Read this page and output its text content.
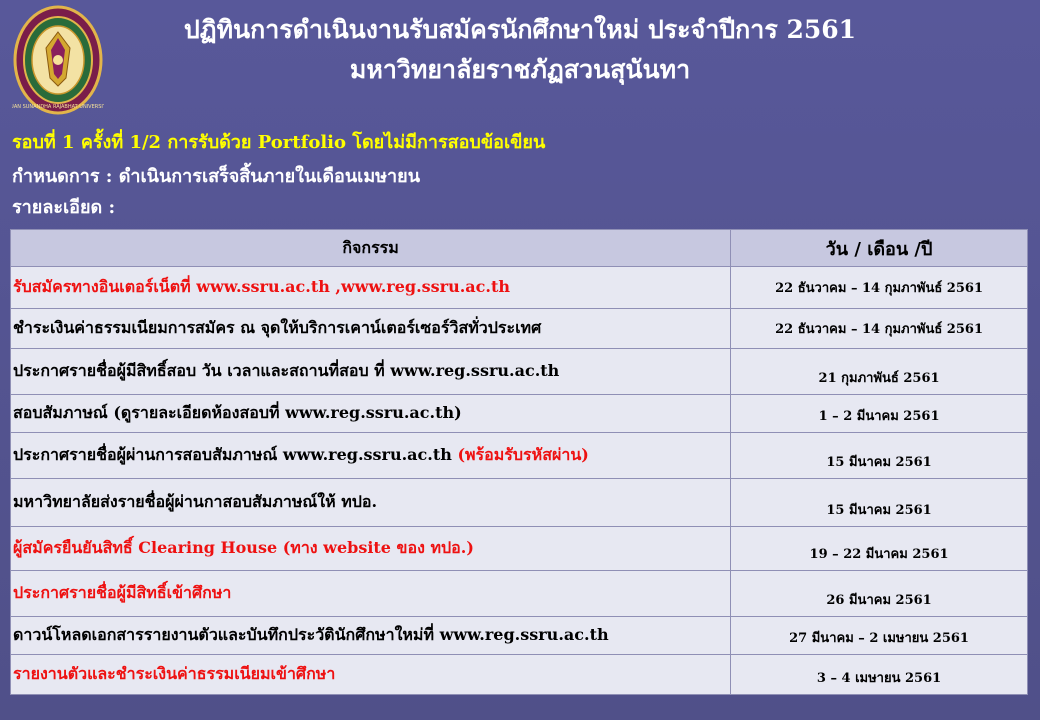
SUAN SUNANDHA RAJABHAT UNIVERSITY
ปฏิทินการดำเนินงานรับสมัครนักศึกษาใหม่ ประจำปีการ 2561
มหาวิทยาลัยราชภัฏสวนสุนันทา
รอบที่ 1 ครั้งที่ 1/2 การรับด้วย Portfolio โดยไม่มีการสอบข้อเขียน
กำหนดการ : ดำเนินการเสร็จสิ้นภายในเดือนเมษายน
รายละเอียด :
กิจกรรม	วัน / เดือน /ปี
รับสมัครทางอินเตอร์เน็ตที่ www.ssru.ac.th ,www.reg.ssru.ac.th	22 ธันวาคม – 14 กุมภาพันธ์ 2561
ชำระเงินค่าธรรมเนียมการสมัคร ณ จุดให้บริการเคาน์เตอร์เซอร์วิสทั่วประเทศ	22 ธันวาคม – 14 กุมภาพันธ์ 2561
ประกาศรายชื่อผู้มีสิทธิ์สอบ วัน เวลาและสถานที่สอบ ที่ www.reg.ssru.ac.th	21 กุมภาพันธ์ 2561
สอบสัมภาษณ์ (ดูรายละเอียดห้องสอบที่ www.reg.ssru.ac.th)	1 – 2 มีนาคม 2561
ประกาศรายชื่อผู้ผ่านการสอบสัมภาษณ์ www.reg.ssru.ac.th (พร้อมรับรหัสผ่าน)	15 มีนาคม 2561
มหาวิทยาลัยส่งรายชื่อผู้ผ่านกาสอบสัมภาษณ์ให้ ทปอ.	15 มีนาคม 2561
ผู้สมัครยืนยันสิทธิ์ Clearing House (ทาง website ของ ทปอ.)	19 – 22 มีนาคม 2561
ประกาศรายชื่อผู้มีสิทธิ์เข้าศึกษา	26 มีนาคม 2561
ดาวน์โหลดเอกสารรายงานตัวและบันทึกประวัตินักศึกษาใหม่ที่ www.reg.ssru.ac.th	27 มีนาคม – 2 เมษายน 2561
รายงานตัวและชำระเงินค่าธรรมเนียมเข้าศึกษา	3 – 4 เมษายน 2561
